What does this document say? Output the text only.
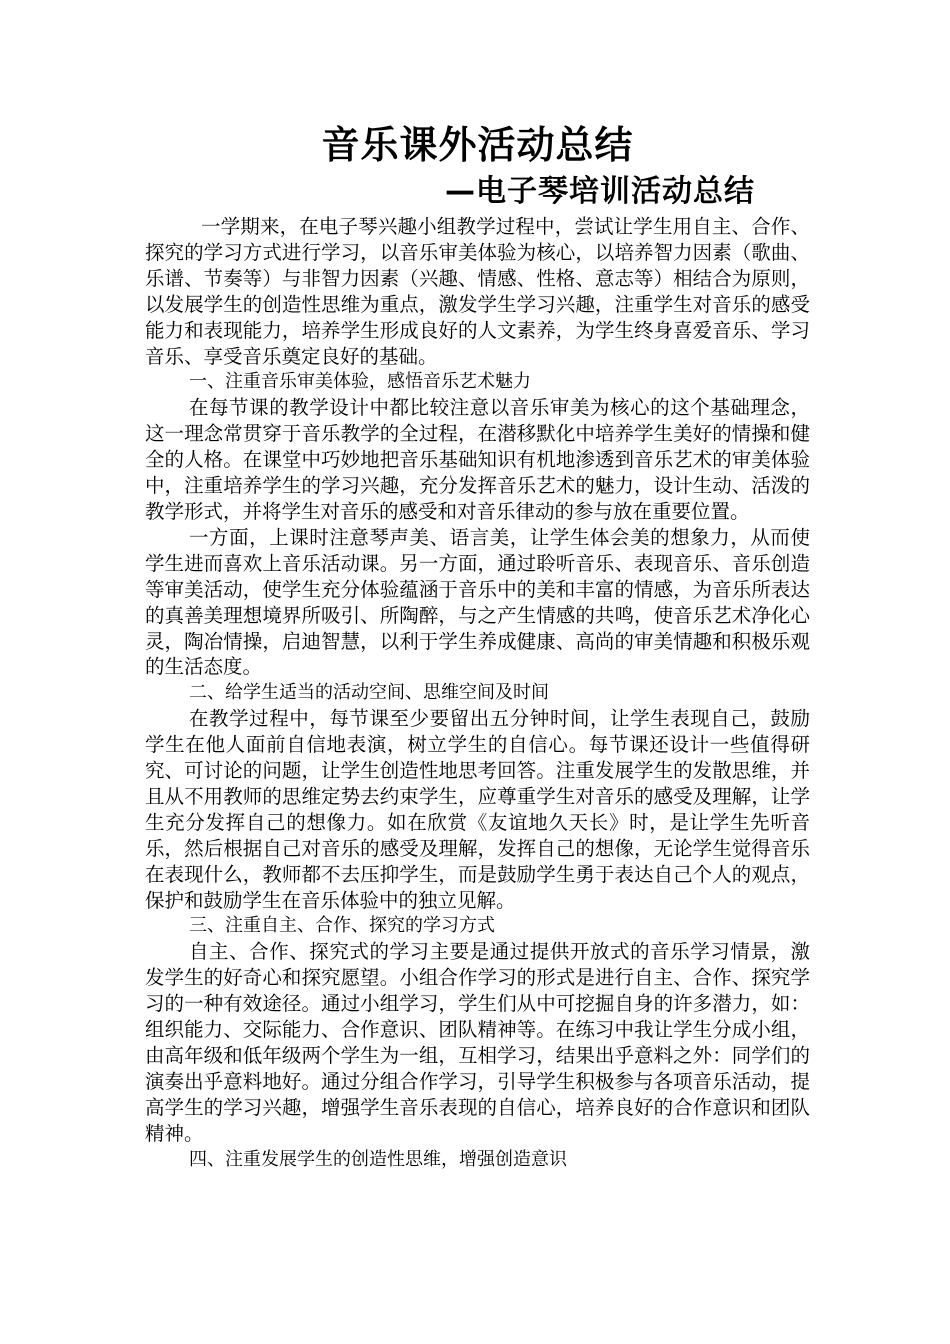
音乐课外活动总结
—电子琴培训活动总结

一学期来，在电子琴兴趣小组教学过程中，尝试让学生用自主、合作、探究的学习方式进行学习，以音乐审美体验为核心，以培养智力因素（歌曲、乐谱、节奏等）与非智力因素（兴趣、情感、性格、意志等）相结合为原则，以发展学生的创造性思维为重点，激发学生学习兴趣，注重学生对音乐的感受能力和表现能力，培养学生形成良好的人文素养，为学生终身喜爱音乐、学习音乐、享受音乐奠定良好的基础。

一、注重音乐审美体验，感悟音乐艺术魅力

在每节课的教学设计中都比较注意以音乐审美为核心的这个基础理念，这一理念常贯穿于音乐教学的全过程，在潜移默化中培养学生美好的情操和健全的人格。在课堂中巧妙地把音乐基础知识有机地渗透到音乐艺术的审美体验中，注重培养学生的学习兴趣，充分发挥音乐艺术的魅力，设计生动、活泼的教学形式，并将学生对音乐的感受和对音乐律动的参与放在重要位置。

一方面，上课时注意琴声美、语言美，让学生体会美的想象力，从而使学生进而喜欢上音乐活动课。另一方面，通过聆听音乐、表现音乐、音乐创造等审美活动，使学生充分体验蕴涵于音乐中的美和丰富的情感，为音乐所表达的真善美理想境界所吸引、所陶醉，与之产生情感的共鸣，使音乐艺术净化心灵，陶冶情操，启迪智慧，以利于学生养成健康、高尚的审美情趣和积极乐观的生活态度。

二、给学生适当的活动空间、思维空间及时间

在教学过程中，每节课至少要留出五分钟时间，让学生表现自己，鼓励学生在他人面前自信地表演，树立学生的自信心。每节课还设计一些值得研究、可讨论的问题，让学生创造性地思考回答。注重发展学生的发散思维，并且从不用教师的思维定势去约束学生，应尊重学生对音乐的感受及理解，让学生充分发挥自己的想像力。如在欣赏《友谊地久天长》时，是让学生先听音乐，然后根据自己对音乐的感受及理解，发挥自己的想像，无论学生觉得音乐在表现什么，教师都不去压抑学生，而是鼓励学生勇于表达自己个人的观点，保护和鼓励学生在音乐体验中的独立见解。

三、注重自主、合作、探究的学习方式

自主、合作、探究式的学习主要是通过提供开放式的音乐学习情景，激发学生的好奇心和探究愿望。小组合作学习的形式是进行自主、合作、探究学习的一种有效途径。通过小组学习，学生们从中可挖掘自身的许多潜力，如：组织能力、交际能力、合作意识、团队精神等。在练习中我让学生分成小组，由高年级和低年级两个学生为一组，互相学习，结果出乎意料之外：同学们的演奏出乎意料地好。通过分组合作学习，引导学生积极参与各项音乐活动，提高学生的学习兴趣，增强学生音乐表现的自信心，培养良好的合作意识和团队精神。

四、注重发展学生的创造性思维，增强创造意识
